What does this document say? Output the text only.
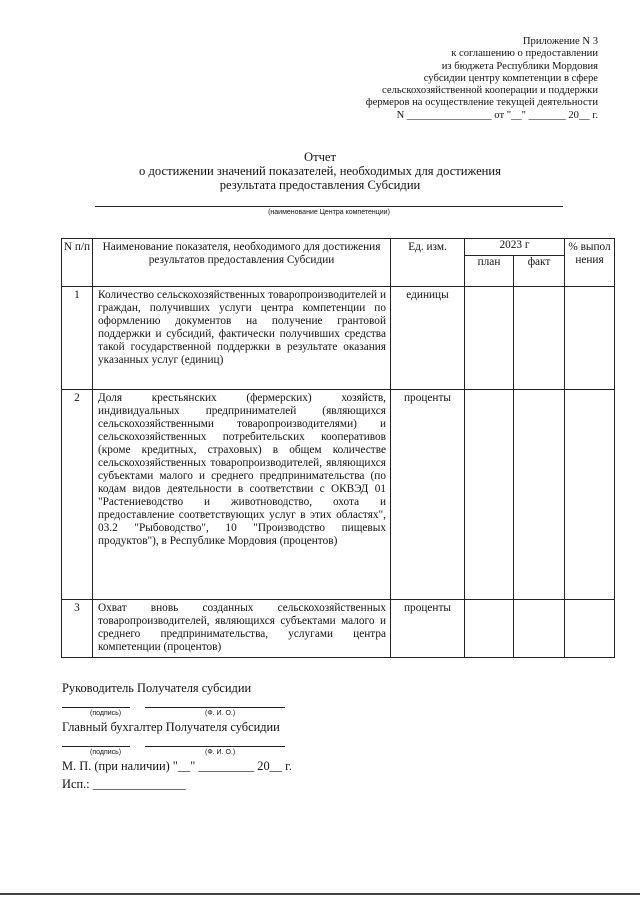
Приложение N 3
к соглашению о предоставлении
из бюджета Республики Мордовия
субсидии центру компетенции в сфере
сельскохозяйственной кооперации и поддержки
фермеров на осуществление текущей деятельности
N ________________ от "__" _______ 20__ г.
Отчет
о достижении значений показателей, необходимых для достижения
результата предоставления Субсидии
(наименование Центра компетенции)
N п/п	Наименование показателя, необходимого для достижения результатов предоставления Субсидии	Ед. изм.	2023 г		% выпол нения
			план	факт	
1	Количество сельскохозяйственных товаропроизводителей и граждан, получивших услуги центра компетенции по оформлению документов на получение грантовой поддержки и субсидий, фактически получивших средства такой государственной поддержки в результате оказания указанных услуг (единиц)	единицы			
2	Доля крестьянских (фермерских) хозяйств, индивидуальных предпринимателей (являющихся сельскохозяйственными товаропроизводителями) и сельскохозяйственных потребительских кооперативов (кроме кредитных, страховых) в общем количестве сельскохозяйственных товаропроизводителей, являющихся субъектами малого и среднего предпринимательства (по кодам видов деятельности в соответствии с ОКВЭД 01 "Растениеводство и животноводство, охота и предоставление соответствующих услуг в этих областях", 03.2 "Рыбоводство", 10 "Производство пищевых продуктов"), в Республике Мордовия (процентов)	проценты			
3	Охват вновь созданных сельскохозяйственных товаропроизводителей, являющихся субъектами малого и среднего предпринимательства, услугами центра компетенции (процентов)	проценты			
Руководитель Получателя субсидии
(подпись)	(Ф. И. О.)
Главный бухгалтер Получателя субсидии
(подпись)	(Ф. И. О.)
М. П. (при наличии) "__" _________ 20__ г.
Исп.: _______________
